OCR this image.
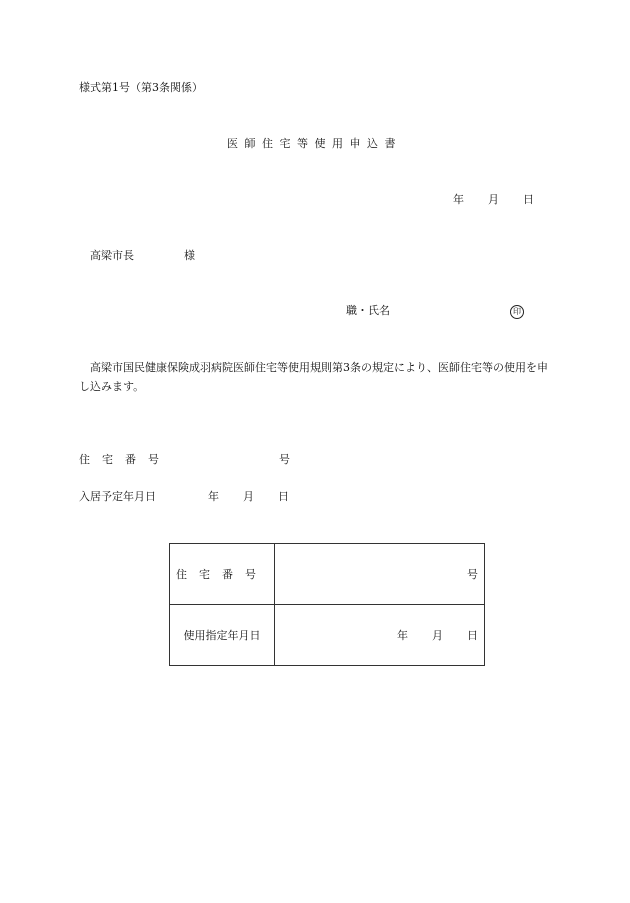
様式第1号（第3条関係）
医師住宅等使用申込書
年 月 日
高梁市長	様
職・氏名	印
高梁市国民健康保険成羽病院医師住宅等使用規則第3条の規定により、医師住宅等の使用を申し込みます。
住宅番号	号
入居予定年月日	年 月 日
住宅番号	号
使用指定年月日	年 月 日
